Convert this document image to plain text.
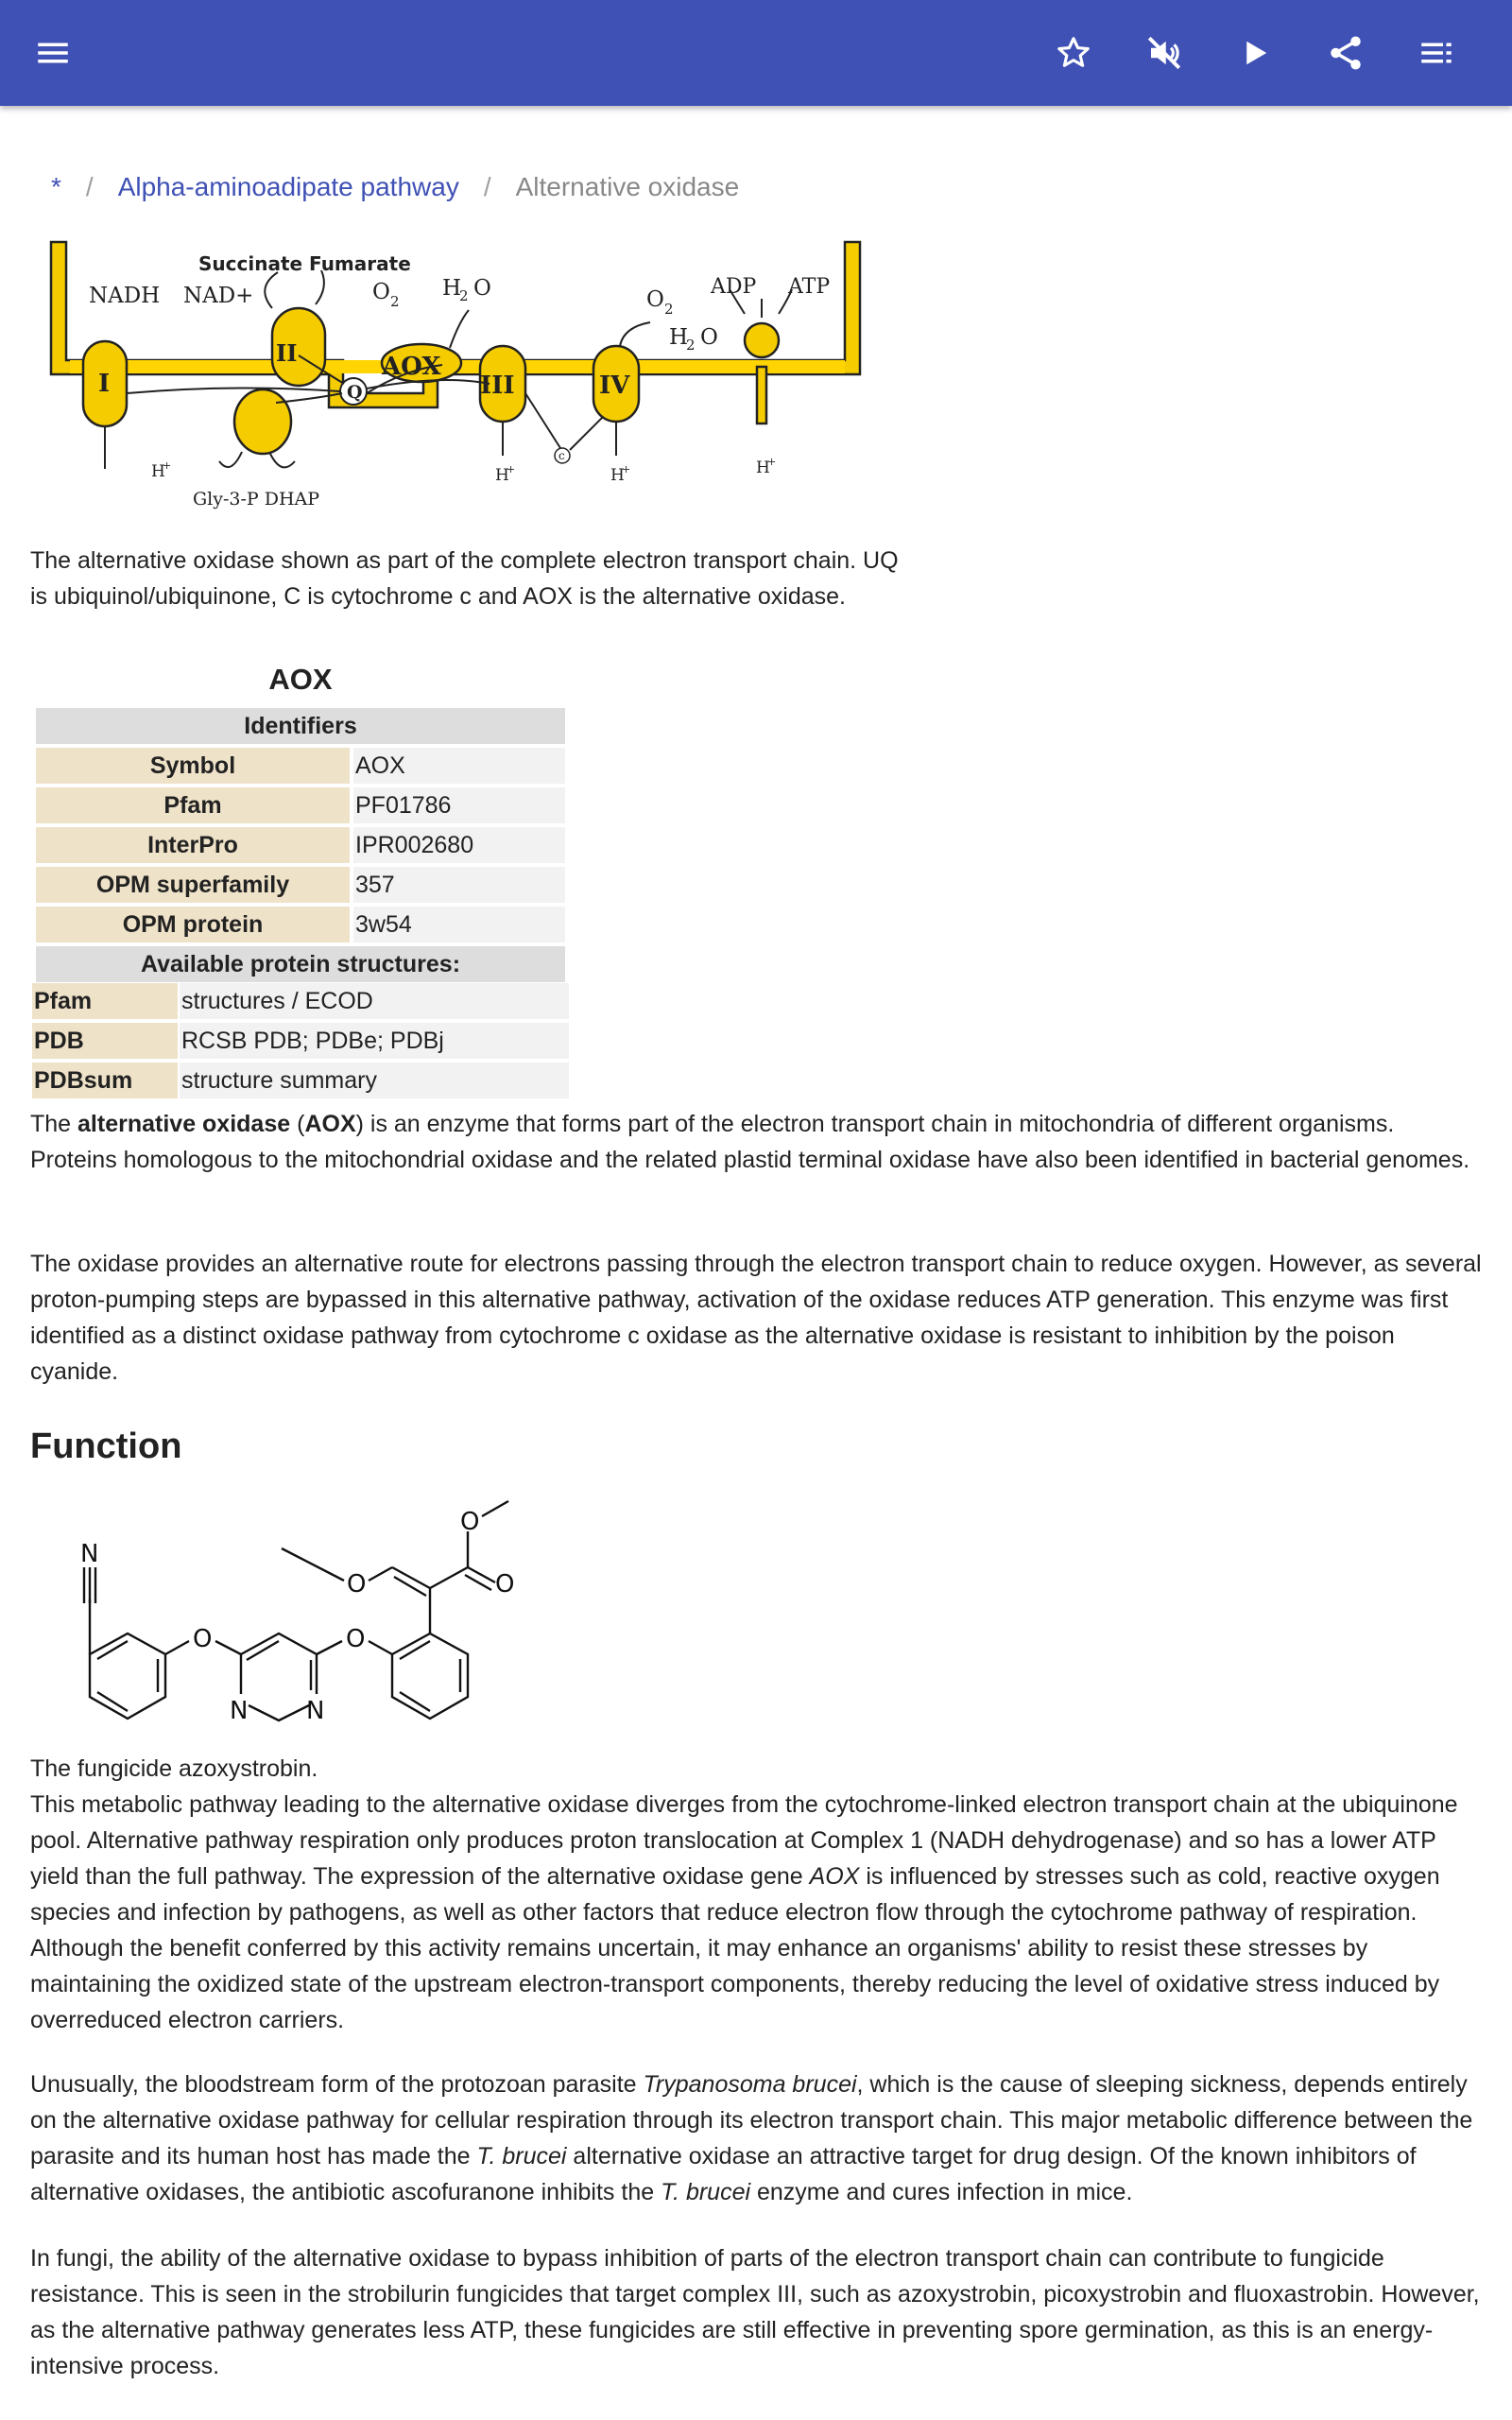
* / Alpha-aminoadipate pathway / Alternative oxidase
Succinate Fumarate
NADH NAD+	O H	O
H
ADP ATP
I
II	AOX
III	IV
Q
c
H	H	H	H
Gly-3-P DHAP
2	2 O
2
2 O
+	+	+
+
The alternative oxidase shown as part of the complete electron transport chain. UQ is ubiquinol/ubiquinone, C is cytochrome c and AOX is the alternative oxidase.
AOX
Identifiers	
Symbol	AOX
Pfam	PF01786
InterPro	IPR002680
OPM superfamily	357
OPM protein	3w54
Available protein structures:	
Pfam	structures / ECOD
PDB	RCSB PDB; PDBe; PDBj
PDBsum	structure summary

The alternative oxidase (AOX) is an enzyme that forms part of the electron transport chain in mitochondria of different organisms. Proteins homologous to the mitochondrial oxidase and the related plastid terminal oxidase have also been identified in bacterial genomes.

The oxidase provides an alternative route for electrons passing through the electron transport chain to reduce oxygen. However, as several proton-pumping steps are bypassed in this alternative pathway, activation of the oxidase reduces ATP generation. This enzyme was first identified as a distinct oxidase pathway from cytochrome c oxidase as the alternative oxidase is resistant to inhibition by the poison cyanide.

Function
N
O
N N
O
O	O
O
The fungicide azoxystrobin.

This metabolic pathway leading to the alternative oxidase diverges from the cytochrome-linked electron transport chain at the ubiquinone pool. Alternative pathway respiration only produces proton translocation at Complex 1 (NADH dehydrogenase) and so has a lower ATP yield than the full pathway. The expression of the alternative oxidase gene AOX is influenced by stresses such as cold, reactive oxygen species and infection by pathogens, as well as other factors that reduce electron flow through the cytochrome pathway of respiration. Although the benefit conferred by this activity remains uncertain, it may enhance an organisms' ability to resist these stresses by maintaining the oxidized state of the upstream electron-transport components, thereby reducing the level of oxidative stress induced by overreduced electron carriers.

Unusually, the bloodstream form of the protozoan parasite Trypanosoma brucei, which is the cause of sleeping sickness, depends entirely on the alternative oxidase pathway for cellular respiration through its electron transport chain. This major metabolic difference between the parasite and its human host has made the T. brucei alternative oxidase an attractive target for drug design. Of the known inhibitors of alternative oxidases, the antibiotic ascofuranone inhibits the T. brucei enzyme and cures infection in mice.

In fungi, the ability of the alternative oxidase to bypass inhibition of parts of the electron transport chain can contribute to fungicide resistance. This is seen in the strobilurin fungicides that target complex III, such as azoxystrobin, picoxystrobin and fluoxastrobin. However, as the alternative pathway generates less ATP, these fungicides are still effective in preventing spore germination, as this is an energy-intensive process.
